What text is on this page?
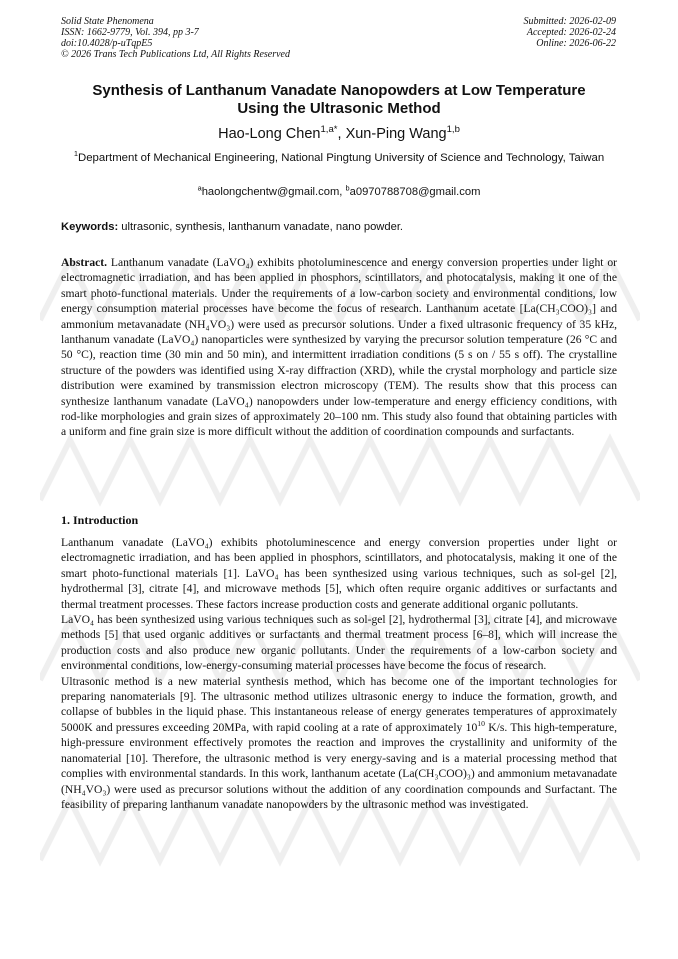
Solid State Phenomena
ISSN: 1662-9779, Vol. 394, pp 3-7
doi:10.4028/p-uTqpE5
© 2026 Trans Tech Publications Ltd, All Rights Reserved
Submitted: 2026-02-09
Accepted: 2026-02-24
Online: 2026-06-22
Synthesis of Lanthanum Vanadate Nanopowders at Low Temperature
Using the Ultrasonic Method
Hao-Long Chen$^{1,a*}$, Xun-Ping Wang$^{1,b}$
$^1$Department of Mechanical Engineering, National Pingtung University of Science and Technology, Taiwan
$^a$haolongchentw@gmail.com, $^b$a0970788708@gmail.com
Keywords: ultrasonic, synthesis, lanthanum vanadate, nano powder.
Abstract. Lanthanum vanadate (LaVO₄) exhibits photoluminescence and energy conversion properties under light or electromagnetic irradiation, and has been applied in phosphors, scintillators, and photocatalysis, making it one of the smart photo-functional materials. Under the requirements of a low-carbon society and environmental conditions, low energy consumption material processes have become the focus of research. Lanthanum acetate [La(CH₃COO)₃] and ammonium metavanadate (NH₄VO₃) were used as precursor solutions. Under a fixed ultrasonic frequency of 35 kHz, lanthanum vanadate (LaVO₄) nanoparticles were synthesized by varying the precursor solution temperature (26 °C and 50 °C), reaction time (30 min and 50 min), and intermittent irradiation conditions (5 s on / 55 s off). The crystalline structure of the powders was identified using X-ray diffraction (XRD), while the crystal morphology and particle size distribution were examined by transmission electron microscopy (TEM). The results show that this process can synthesize lanthanum vanadate (LaVO₄) nanopowders under low-temperature and energy efficiency conditions, with rod-like morphologies and grain sizes of approximately 20–100 nm. This study also found that obtaining particles with a uniform and fine grain size is more difficult without the addition of coordination compounds and surfactants.
1. Introduction

Lanthanum vanadate (LaVO₄) exhibits photoluminescence and energy conversion properties under light or electromagnetic irradiation, and has been applied in phosphors, scintillators, and photocatalysis, making it one of the smart photo-functional materials [1]. LaVO₄ has been synthesized using various techniques, such as sol-gel [2], hydrothermal [3], citrate [4], and microwave methods [5], which often require organic additives or surfactants and thermal treatment processes. These factors increase production costs and generate additional organic pollutants.

LaVO₄ has been synthesized using various techniques such as sol-gel [2], hydrothermal [3], citrate [4], and microwave methods [5] that used organic additives or surfactants and thermal treatment process [6–8], which will increase the production costs and also produce new organic pollutants. Under the requirements of a low-carbon society and environmental conditions, low-energy-consuming material processes have become the focus of research.

Ultrasonic method is a new material synthesis method, which has become one of the important technologies for preparing nanomaterials [9]. The ultrasonic method utilizes ultrasonic energy to induce the formation, growth, and collapse of bubbles in the liquid phase. This instantaneous release of energy generates temperatures of approximately 5000K and pressures exceeding 20MPa, with rapid cooling at a rate of approximately $10^{10}$ K/s. This high-temperature, high-pressure environment effectively promotes the reaction and improves the crystallinity and uniformity of the nanomaterial [10]. Therefore, the ultrasonic method is very energy-saving and is a material processing method that complies with environmental standards. In this work, lanthanum acetate (La(CH₃COO)₃) and ammonium metavanadate (NH₄VO₃) were used as precursor solutions without the addition of any coordination compounds and Surfactant. The feasibility of preparing lanthanum vanadate nanopowders by the ultrasonic method was investigated.
